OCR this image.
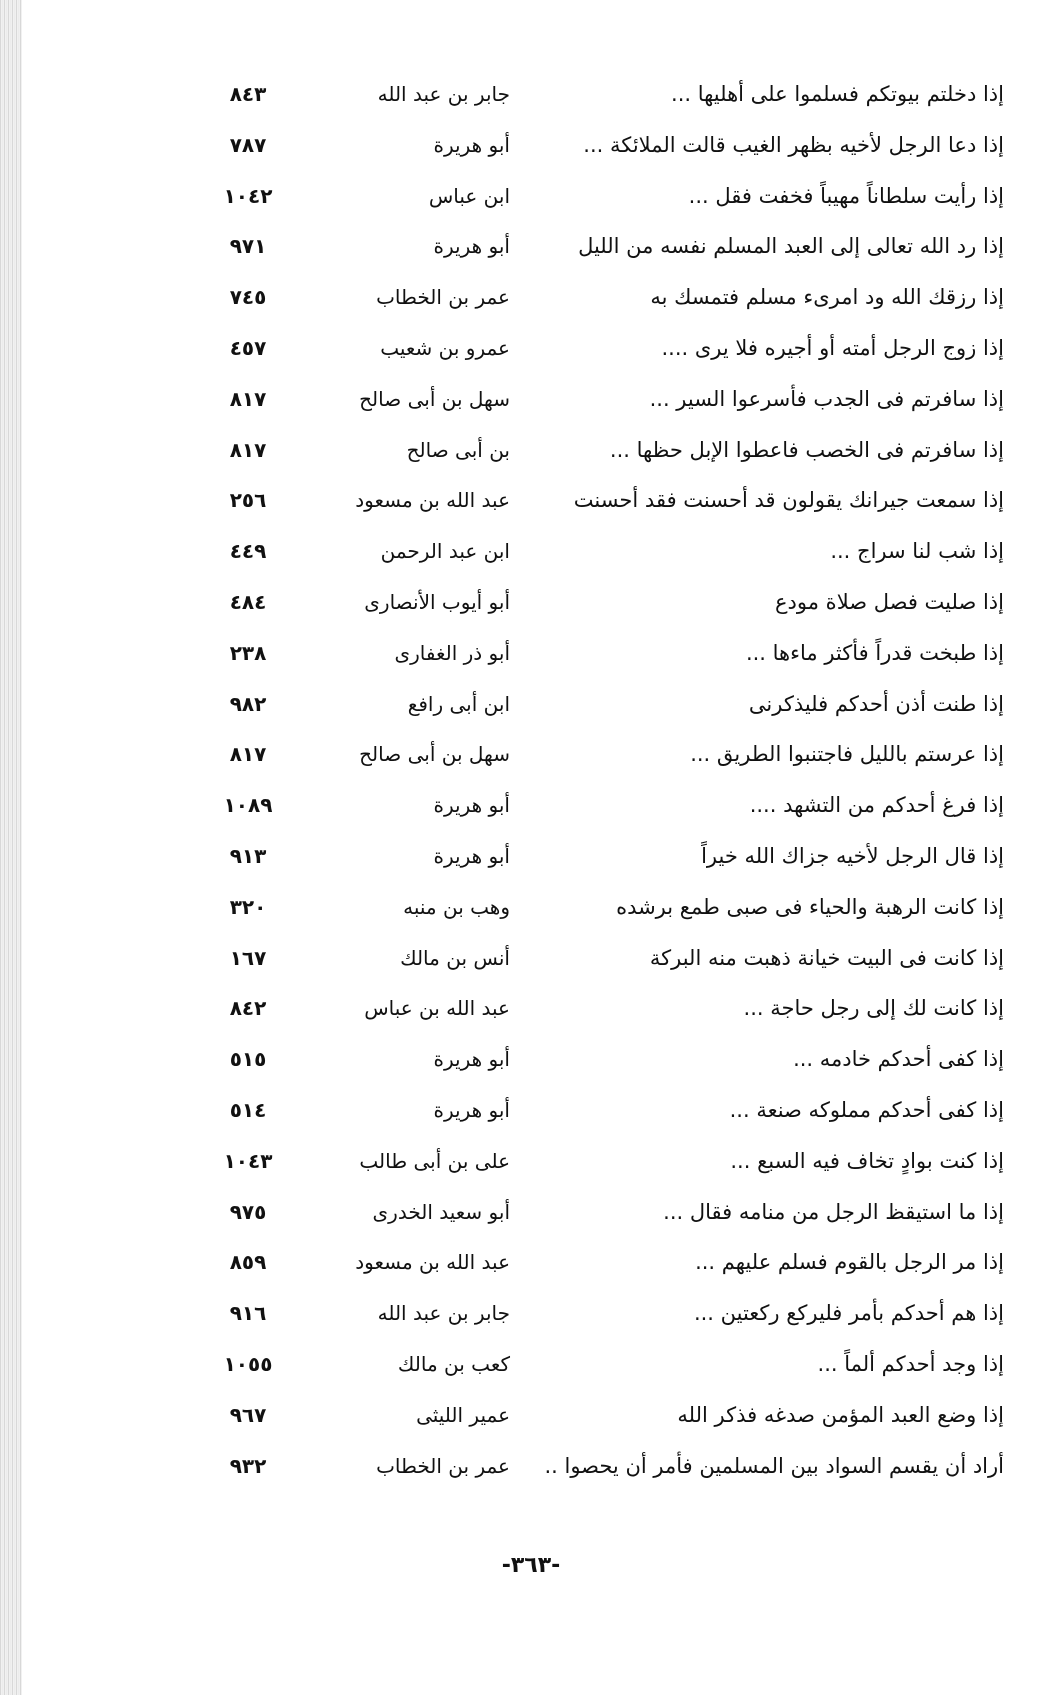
إذا دخلتم بيوتكم فسلموا على أهليها ...
جابر بن عبد الله
٨٤٣
إذا دعا الرجل لأخيه بظهر الغيب قالت الملائكة ...
أبو هريرة
٧٨٧
إذا رأيت سلطاناً مهيباً فخفت فقل ...
ابن عباس
١٠٤٢
إذا رد الله تعالى إلى العبد المسلم نفسه من الليل
أبو هريرة
٩٧١
إذا رزقك الله ود امرىء مسلم فتمسك به
عمر بن الخطاب
٧٤٥
إذا زوج الرجل أمته أو أجيره فلا يرى ....
عمرو بن شعيب
٤٥٧
إذا سافرتم فى الجدب فأسرعوا السير ...
سهل بن أبى صالح
٨١٧
إذا سافرتم فى الخصب فاعطوا الإبل حظها ...
بن أبى صالح
٨١٧
إذا سمعت جيرانك يقولون قد أحسنت فقد أحسنت
عبد الله بن مسعود
٢٥٦
إذا شب لنا سراج ...
ابن عبد الرحمن
٤٤٩
إذا صليت فصل صلاة مودع
أبو أيوب الأنصارى
٤٨٤
إذا طبخت قدراً فأكثر ماءها ...
أبو ذر الغفارى
٢٣٨
إذا طنت أذن أحدكم فليذكرنى
ابن أبى رافع
٩٨٢
إذا عرستم بالليل فاجتنبوا الطريق ...
سهل بن أبى صالح
٨١٧
إذا فرغ أحدكم من التشهد ....
أبو هريرة
١٠٨٩
إذا قال الرجل لأخيه جزاك الله خيراً
أبو هريرة
٩١٣
إذا كانت الرهبة والحياء فى صبى طمع برشده
وهب بن منبه
٣٢٠
إذا كانت فى البيت خيانة ذهبت منه البركة
أنس بن مالك
١٦٧
إذا كانت لك إلى رجل حاجة ...
عبد الله بن عباس
٨٤٢
إذا كفى أحدكم خادمه ...
أبو هريرة
٥١٥
إذا كفى أحدكم مملوكه صنعة ...
أبو هريرة
٥١٤
إذا كنت بوادٍ تخاف فيه السبع ...
على بن أبى طالب
١٠٤٣
إذا ما استيقظ الرجل من منامه فقال ...
أبو سعيد الخدرى
٩٧٥
إذا مر الرجل بالقوم فسلم عليهم ...
عبد الله بن مسعود
٨٥٩
إذا هم أحدكم بأمر فليركع ركعتين ...
جابر بن عبد الله
٩١٦
إذا وجد أحدكم ألماً ...
كعب بن مالك
١٠٥٥
إذا وضع العبد المؤمن صدغه فذكر الله
عمير الليثى
٩٦٧
أراد أن يقسم السواد بين المسلمين فأمر أن يحصوا ..
عمر بن الخطاب
٩٣٢
-٣٦٣-
